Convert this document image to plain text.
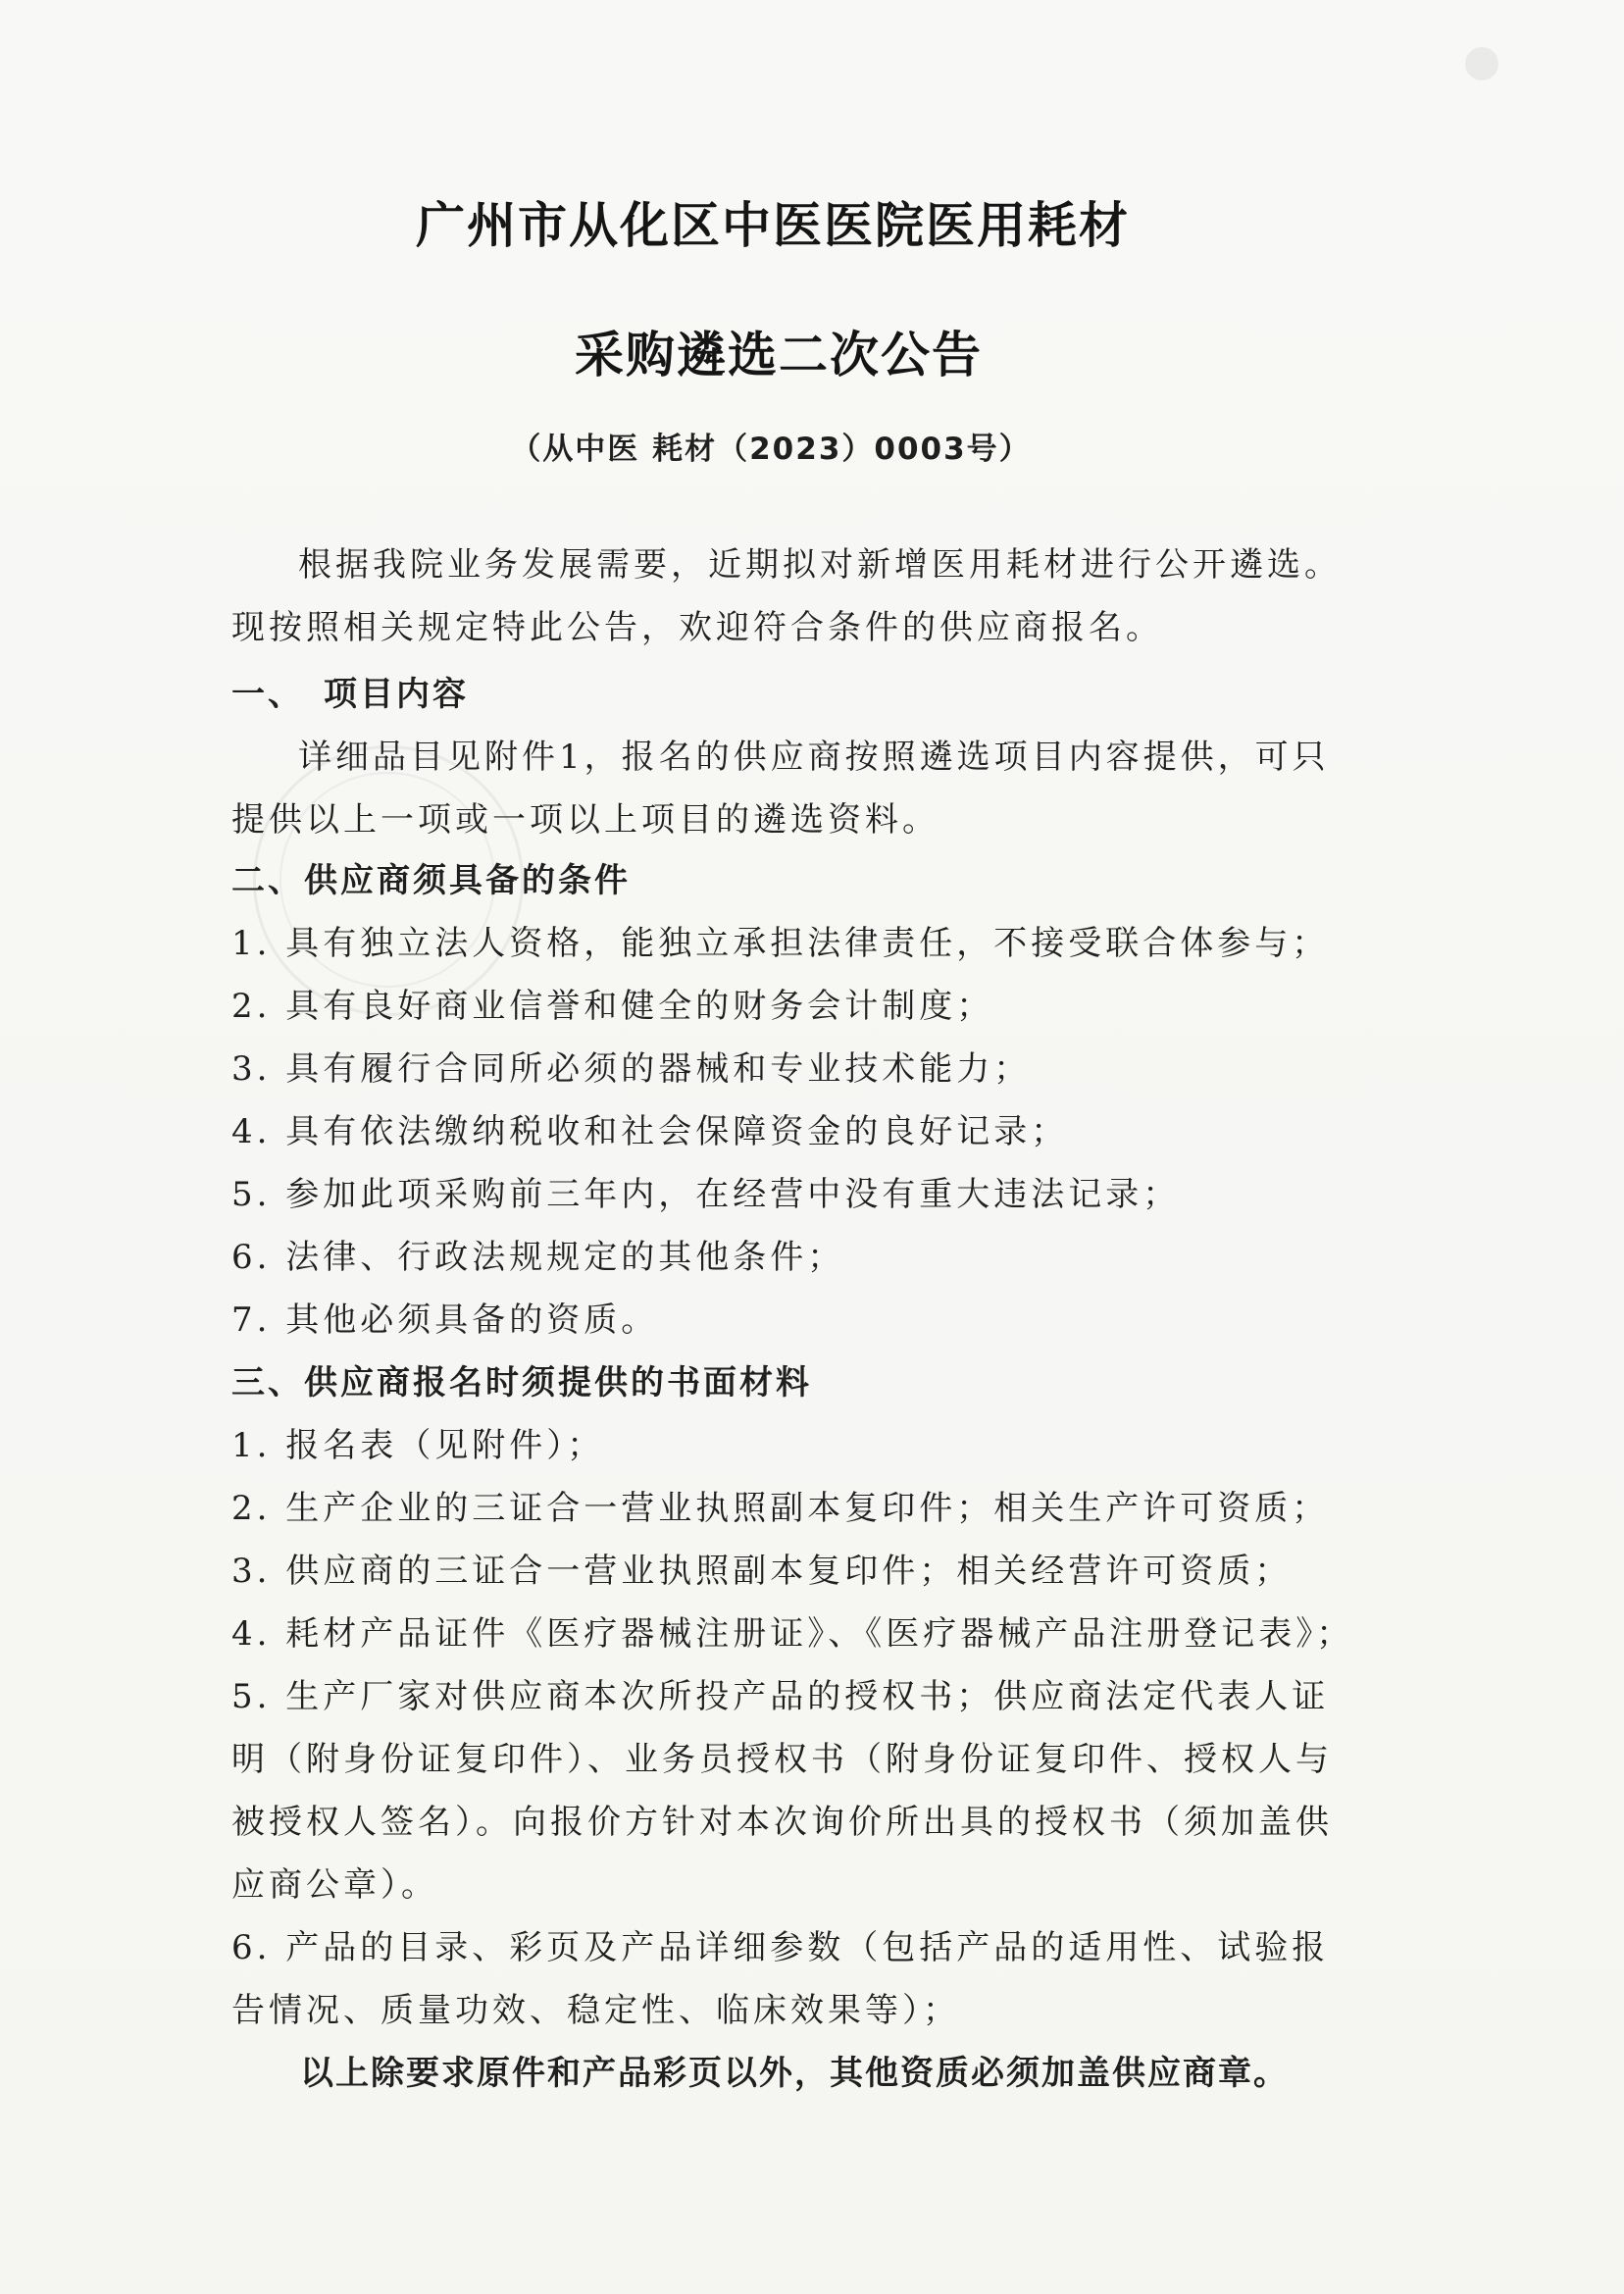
广州市从化区中医医院医用耗材
采购遴选二次公告
（从中医 耗材（2023）0003号）
根据我院业务发展需要，近期拟对新增医用耗材进行公开遴选。现按照相关规定特此公告，欢迎符合条件的供应商报名。
一、 项目内容
详细品目见附件1，报名的供应商按照遴选项目内容提供，可只提供以上一项或一项以上项目的遴选资料。
二、供应商须具备的条件
1. 具有独立法人资格，能独立承担法律责任，不接受联合体参与；
2. 具有良好商业信誉和健全的财务会计制度；
3. 具有履行合同所必须的器械和专业技术能力；
4. 具有依法缴纳税收和社会保障资金的良好记录；
5. 参加此项采购前三年内，在经营中没有重大违法记录；
6. 法律、行政法规规定的其他条件；
7. 其他必须具备的资质。
三、供应商报名时须提供的书面材料
1. 报名表（见附件）；
2. 生产企业的三证合一营业执照副本复印件；相关生产许可资质；
3. 供应商的三证合一营业执照副本复印件；相关经营许可资质；
4. 耗材产品证件《医疗器械注册证》、《医疗器械产品注册登记表》；
5. 生产厂家对供应商本次所投产品的授权书；供应商法定代表人证明（附身份证复印件）、业务员授权书（附身份证复印件、授权人与被授权人签名）。向报价方针对本次询价所出具的授权书（须加盖供应商公章）。
6. 产品的目录、彩页及产品详细参数（包括产品的适用性、试验报告情况、质量功效、稳定性、临床效果等）；
以上除要求原件和产品彩页以外，其他资质必须加盖供应商章。
